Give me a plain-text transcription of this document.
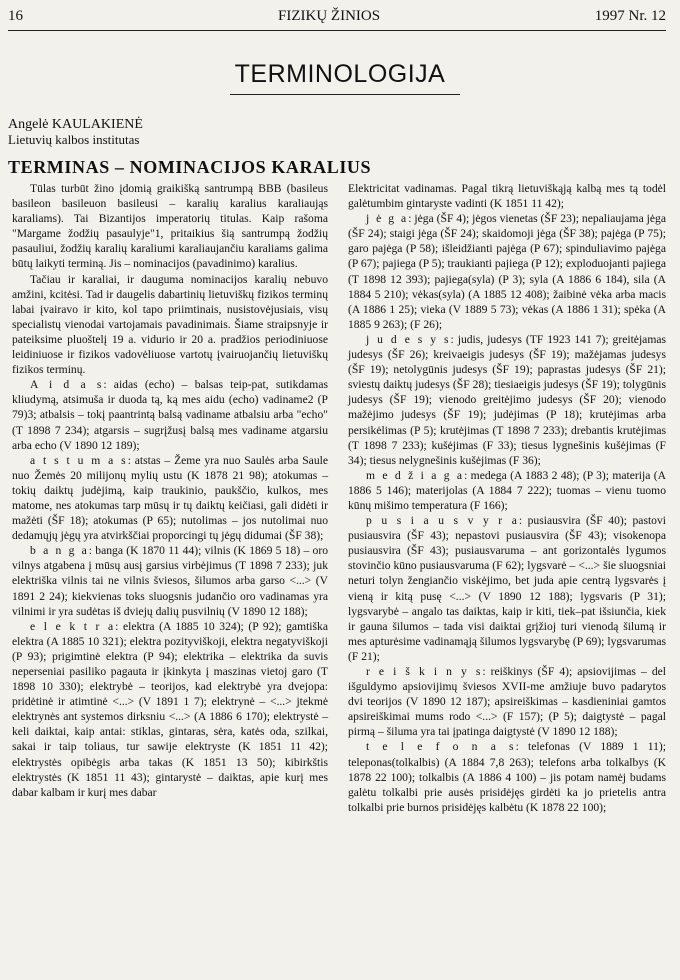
16	FIZIKŲ ŽINIOS	1997 Nr. 12
TERMINOLOGIJA
Angelė KAULAKIENĖ
Lietuvių kalbos institutas
TERMINAS – NOMINACIJOS KARALIUS

Tūlas turbūt žino įdomią graikišką santrumpą BBB (basileus basileon basileuon basileusi – karalių karalius karaliaująs karaliams). Tai Bizantijos imperatorių titulas. Kaip rašoma "Margame žodžių pasaulyje"1, pritaikius šią santrumpą žodžių pasauliui, žodžių karalių karaliumi karaliaujančiu karaliams galima būtų laikyti terminą. Jis – nominacijos (pavadinimo) karalius.

Tačiau ir karaliai, ir dauguma nominacijos karalių nebuvo amžini, kcitėsi. Tad ir daugelis dabartinių lietuviškų fizikos terminų labai įvairavo ir kito, kol tapo priimtinais, nusistovėjusiais, visų specialistų vienodai vartojamais pavadinimais. Šiame straipsnyje ir pateiksime pluoštelį 19 a. vidurio ir 20 a. pradžios periodiniuose leidiniuose ir fizikos vadovėliuose vartotų įvairuojančių lietuviškų fizikos terminų.

A i d a s: aidas (echo) – balsas teip-pat, sutikdamas kliudymą, atsimuša ir duoda tą, ką mes aidu (echo) vadiname2 (P 79)3; atbalsis – tokį paantrintą balsą vadiname atbalsiu arba "echo" (T 1898 7 234); atgarsis – sugrįžusį balsą mes vadiname atgarsiu arba echo (V 1890 12 189);

a t s t u m a s: atstas – Žeme yra nuo Saulės arba Saule nuo Žemės 20 milijonų mylių ustu (K 1878 21 98); atokumas – tokių daiktų judėjimą, kaip traukinio, paukščio, kulkos, mes matome, nes atokumas tarp mūsų ir tų daiktų keičiasi, gali didėti ir mažėti (ŠF 18); atokumas (P 65); nutolimas – jos nutolimai nuo dedamųjų jėgų yra atvirkščiai proporcingi tų jėgų didumai (ŠF 38);

b a n g a: banga (K 1870 11 44); vilnis (K 1869 5 18) – oro vilnys atgabena į mūsų ausį garsius virbėjimus (T 1898 7 233); juk elektriška vilnis tai ne vilnis šviesos, šilumos arba garso <...> (V 1891 2 24); kiekvienas toks sluogsnis judančio oro vadinamas yra vilnimi ir yra sudėtas iš dviejų dalių pusvilnių (V 1890 12 188);

e l e k t r a: elektra (A 1885 10 324); (P 92); gamtiška elektra (A 1885 10 321); elektra pozityviškoji, elektra negatyviškoji (P 93); prigimtinė elektra (P 94); elektrika – elektrika da suvis neperseniai pasiliko pagauta ir įkinkyta į maszinas vietoj garo (T 1898 10 330); elektrybė – teorijos, kad elektrybė yra dvejopa: pridėtinė ir atimtinė <...> (V 1891 1 7); elektrynė – <...> jtekmė elektrynės ant systemos dirksniu <...> (A 1886 6 170); elektrystė – keli daiktai, kaip antai: stiklas, gintaras, sėra, katės oda, szilkai, sakai ir taip toliaus, tur sawije elektryste (K 1851 11 42); elektrystės opibėgis arba takas (K 1851 13 50); kibirkštis elektrystės (K 1851 11 43); gintarystė – daiktas, apie kurį mes dabar kalbam ir kurį mes dabar

Elektricitat vadinamas. Pagal tikrą lietuviškąją kalbą mes tą todėl galėtumbim gintaryste vadinti (K 1851 11 42);

j ė g a: jėga (ŠF 4); jėgos vienetas (ŠF 23); nepaliaujama jėga (ŠF 24); staigi jėga (ŠF 24); skaidomoji jėga (ŠF 38); pajėga (P 75); garo pajėga (P 58); išleidžianti pajėga (P 67); spinduliavimo pajėga (P 67); pajiega (P 5); traukianti pajiega (P 12); exploduojanti pajiega (T 1898 12 393); pajiega(syla) (P 3); syla (A 1886 6 184), sila (A 1884 5 210); vėkas(syla) (A 1885 12 408); žaibinė vėka arba macis (A 1886 1 25); vieka (V 1889 5 73); vėkas (A 1886 1 31); spėka (A 1885 9 263); (F 26);

j u d e s y s: judis, judesys (TF 1923 141 7); greitėjamas judesys (ŠF 26); kreivaeigis judesys (ŠF 19); mažėjamas judesys (ŠF 19); netolygūnis judesys (ŠF 19); paprastas judesys (ŠF 21); sviestų daiktų judesys (ŠF 28); tiesiaeigis judesys (ŠF 19); tolygūnis judesys (ŠF 19); vienodo greitėjimo judesys (ŠF 20); vienodo mažėjimo judesys (ŠF 19); judėjimas (P 18); krutėjimas arba persikėlimas (P 5); krutėjimas (T 1898 7 233); drebantis krutėjimas (T 1898 7 233); kušėjimas (F 33); tiesus lygnešinis kušėjimas (F 34); tiesus nelygnešinis kušėjimas (F 36);

m e d ž i a g a: medega (A 1883 2 48); (P 3); materija (A 1886 5 146); materijolas (A 1884 7 222); tuomas – vienu tuomo kūnų mišimo temperatura (F 166);

p u s i a u s v y r a: pusiausvira (ŠF 40); pastovi pusiausvira (ŠF 43); nepastovi pusiausvira (ŠF 43); visokenopa pusiausvira (ŠF 43); pusiausvaruma – ant gorizontalės lygumos stovinčio kūno pusiausvaruma (F 62); lygsvarė – <...> šie sluogsniai neturi tolyn žengiančio viskėjimo, bet juda apie centrą lygsvarės į vieną ir kitą pusę <...> (V 1890 12 188); lygsvaris (P 31); lygsvarybė – angalo tas daiktas, kaip ir kiti, tiek–pat išsiunčia, kiek ir gauna šilumos – tada visi daiktai grįžioj turi vienodą šilumą ir mes apturėsime vadinamąją šilumos lygsvarybę (P 69); lygsvarumas (F 21);

r e i š k i n y s: reiškinys (ŠF 4); apsiovijimas – del išguldymo apsiovijimų šviesos XVII-me amžiuje buvo padarytos dvi teorijos (V 1890 12 187); apsireiškimas – kasdieniniai gamtos apsireiškimai mums rodo <...> (F 157); (P 5); daigtystė – pagal pirmą – šiluma yra tai įpatinga daigtystė (V 1890 12 188);

t e l e f o n a s: telefonas (V 1889 1 11); teleponas(tolkalbis) (A 1884 7,8 263); telefons arba tolkalbys (K 1878 22 100); tolkalbis (A 1886 4 100) – jis potam namėj budams galėtu tolkalbi prie ausės prisidėjęs girdėti ka jo prietelis antra tolkalbi prie burnos prisidėjęs kalbėtu (K 1878 22 100);
